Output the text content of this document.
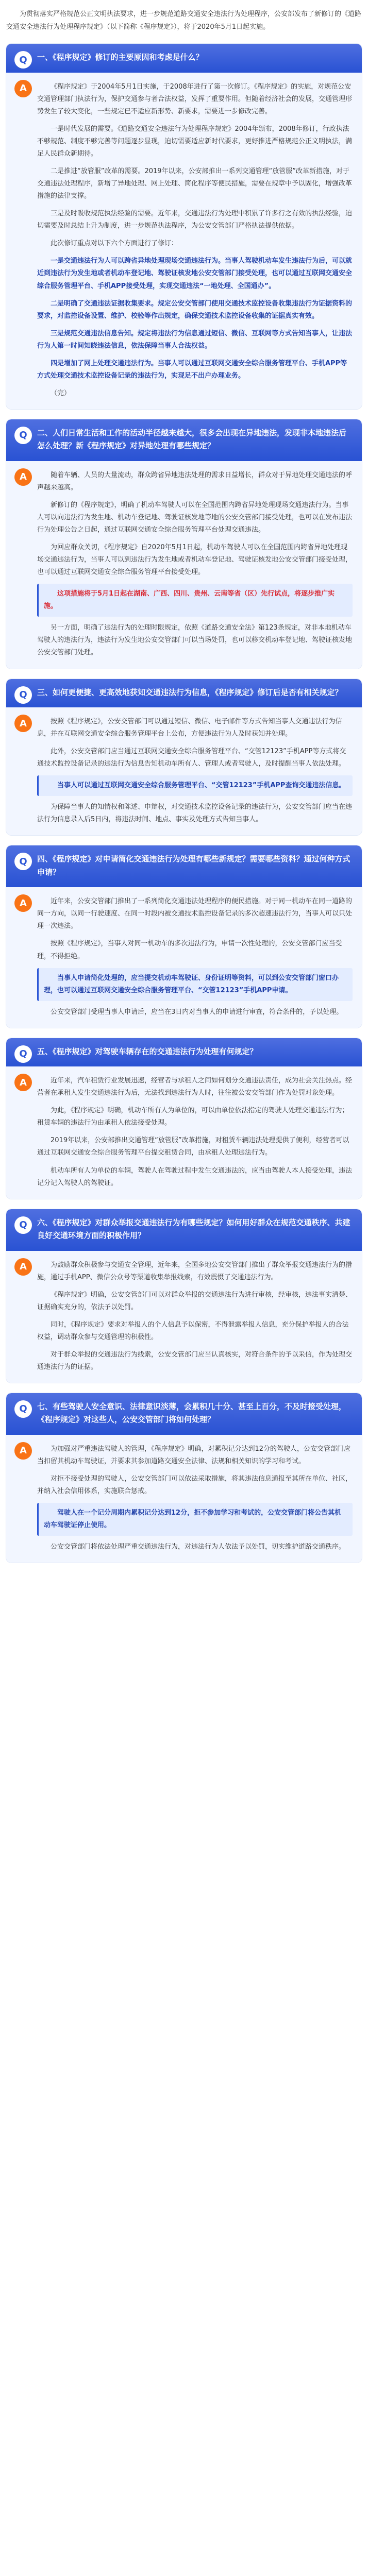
为贯彻落实严格规范公正文明执法要求，进一步规范道路交通安全违法行为处理程序，公安部发布了新修订的《道路交通安全违法行为处理程序规定》（以下简称《程序规定》），将于2020年5月1日起实施。

Q	一、《程序规定》修订的主要原因和考虑是什么？
A	《程序规定》于2004年5月1日实施，于2008年进行了第一次修订。《程序规定》的实施，对规范公安交通管理部门执法行为，保护交通参与者合法权益，发挥了重要作用。但随着经济社会的发展，交通管理形势发生了较大变化，一些规定已不适应新形势、新要求，需要进一步修改完善。

一是时代发展的需要。《道路交通安全违法行为处理程序规定》2004年颁布，2008年修订，行政执法不够规范、制度不够完善等问题逐步显现，迫切需要适应新时代要求，更好推进严格规范公正文明执法，满足人民群众新期待。

二是推进“放管服”改革的需要。2019年以来，公安部推出一系列交通管理“放管服”改革新措施，对于交通违法处理程序，新增了异地处理、网上处理、简化程序等便民措施，需要在规章中予以固化，增强改革措施的法律支撑。

三是及时吸收规范执法经验的需要。近年来，交通违法行为处理中积累了许多行之有效的执法经验，迫切需要及时总结上升为制度，进一步规范执法程序，为公安交管部门严格执法提供依据。

此次修订重点对以下六个方面进行了修订：

一是交通违法行为人可以跨省异地处理现场交通违法行为。当事人驾驶机动车发生违法行为后，可以就近到违法行为发生地或者机动车登记地、驾驶证核发地公安交管部门接受处理，也可以通过互联网交通安全综合服务管理平台、手机APP接受处理，实现交通违法“一地处理、全国通办”。

二是明确了交通违法证据收集要求。规定公安交管部门使用交通技术监控设备收集违法行为证据资料的要求，对监控设备设置、维护、校验等作出规定，确保交通技术监控设备收集的证据真实有效。

三是规范交通违法信息告知。规定将违法行为信息通过短信、微信、互联网等方式告知当事人，让违法行为人第一时间知晓违法信息，依法保障当事人合法权益。

四是增加了网上处理交通违法行为。当事人可以通过互联网交通安全综合服务管理平台、手机APP等方式处理交通技术监控设备记录的违法行为，实现足不出户办理业务。

（完）

Q	二、人们日常生活和工作的活动半径越来越大，很多会出现在异地违法，发现非本地违法后怎么处理？新《程序规定》对异地处理有哪些规定？
A	随着车辆、人员的大量流动，群众跨省异地违法处理的需求日益增长，群众对于异地处理交通违法的呼声越来越高。

新修订的《程序规定》，明确了机动车驾驶人可以在全国范围内跨省异地处理现场交通违法行为。当事人可以向违法行为发生地、机动车登记地、驾驶证核发地等地的公安交管部门接受处理，也可以在发布违法行为处理公告之日起，通过互联网交通安全综合服务管理平台处理交通违法。

为回应群众关切，《程序规定》自2020年5月1日起，机动车驾驶人可以在全国范围内跨省异地处理现场交通违法行为，当事人可以到违法行为发生地或者机动车登记地、驾驶证核发地公安交管部门接受处理，也可以通过互联网交通安全综合服务管理平台接受处理。

这项措施将于5月1日起在湖南、广西、四川、贵州、云南等省（区）先行试点，将逐步推广实施。

另一方面，明确了违法行为的处理时限规定，依照《道路交通安全法》第123条规定，对非本地机动车驾驶人的违法行为，违法行为发生地公安交管部门可以当场处罚，也可以移交机动车登记地、驾驶证核发地公安交管部门处理。

Q	三、如何更便捷、更高效地获知交通违法行为信息，《程序规定》修订后是否有相关规定？
A	按照《程序规定》，公安交管部门可以通过短信、微信、电子邮件等方式告知当事人交通违法行为信息，并在互联网交通安全综合服务管理平台上公布，方便违法行为人及时获知并处理。

此外，公安交管部门应当通过互联网交通安全综合服务管理平台、“交管12123”手机APP等方式将交通技术监控设备记录的违法行为信息告知机动车所有人、管理人或者驾驶人，及时提醒当事人依法处理。

当事人可以通过互联网交通安全综合服务管理平台、“交管12123”手机APP查询交通违法信息。

为保障当事人的知情权和陈述、申辩权，对交通技术监控设备记录的违法行为，公安交管部门应当在违法行为信息录入后5日内，将违法时间、地点、事实及处理方式告知当事人。

Q	四、《程序规定》对申请简化交通违法行为处理有哪些新规定？需要哪些资料？通过何种方式申请？
A	近年来，公安交管部门推出了一系列简化交通违法处理程序的便民措施。对于同一机动车在同一道路的同一方向，以同一行驶速度、在同一时段内被交通技术监控设备记录的多次超速违法行为，当事人可以只处理一次违法。

按照《程序规定》，当事人对同一机动车的多次违法行为，申请一次性处理的，公安交管部门应当受理，不得拒绝。

当事人申请简化处理的，应当提交机动车驾驶证、身份证明等资料，可以到公安交管部门窗口办理，也可以通过互联网交通安全综合服务管理平台、“交管12123”手机APP申请。

公安交管部门受理当事人申请后，应当在3日内对当事人的申请进行审查，符合条件的，予以处理。

Q	五、《程序规定》对驾驶车辆存在的交通违法行为处理有何规定？
A	近年来，汽车租赁行业发展迅速，经营者与承租人之间如何划分交通违法责任，成为社会关注热点。经营者在承租人发生交通违法行为后，无法找到违法行为人时，往往被公安交管部门作为处罚对象处理。

为此，《程序规定》明确，机动车所有人为单位的，可以由单位依法指定的驾驶人处理交通违法行为；租赁车辆的违法行为由承租人依法接受处理。

2019年以来，公安部推出交通管理“放管服”改革措施，对租赁车辆违法处理提供了便利，经营者可以通过互联网交通安全综合服务管理平台提交租赁合同，由承租人处理违法行为。

机动车所有人为单位的车辆，驾驶人在驾驶过程中发生交通违法的，应当由驾驶人本人接受处理，违法记分记入驾驶人的驾驶证。

Q	六、《程序规定》对群众举报交通违法行为有哪些规定？如何用好群众在规范交通秩序、共建良好交通环境方面的积极作用？
A	为鼓励群众积极参与交通安全管理，近年来，全国多地公安交管部门推出了群众举报交通违法行为的措施，通过手机APP、微信公众号等渠道收集举报线索，有效震慑了交通违法行为。

《程序规定》明确，公安交管部门可以对群众举报的交通违法行为进行审核，经审核，违法事实清楚、证据确实充分的，依法予以处罚。

同时，《程序规定》要求对举报人的个人信息予以保密，不得泄露举报人信息，充分保护举报人的合法权益，调动群众参与交通管理的积极性。

对于群众举报的交通违法行为线索，公安交管部门应当认真核实，对符合条件的予以采信，作为处理交通违法行为的证据。

Q	七、有些驾驶人安全意识、法律意识淡薄，会累积几十分、甚至上百分，不及时接受处理，《程序规定》对这些人，公安交管部门将如何处理？
A	为加强对严重违法驾驶人的管理，《程序规定》明确，对累积记分达到12分的驾驶人，公安交管部门应当扣留其机动车驾驶证，并要求其参加道路交通安全法律、法规和相关知识的学习和考试。

对拒不接受处理的驾驶人，公安交管部门可以依法采取措施，将其违法信息通报至其所在单位、社区，并纳入社会信用体系，实施联合惩戒。

驾驶人在一个记分周期内累积记分达到12分，拒不参加学习和考试的，公安交管部门将公告其机动车驾驶证停止使用。

公安交管部门将依法处理严重交通违法行为，对违法行为人依法予以处罚，切实维护道路交通秩序。
